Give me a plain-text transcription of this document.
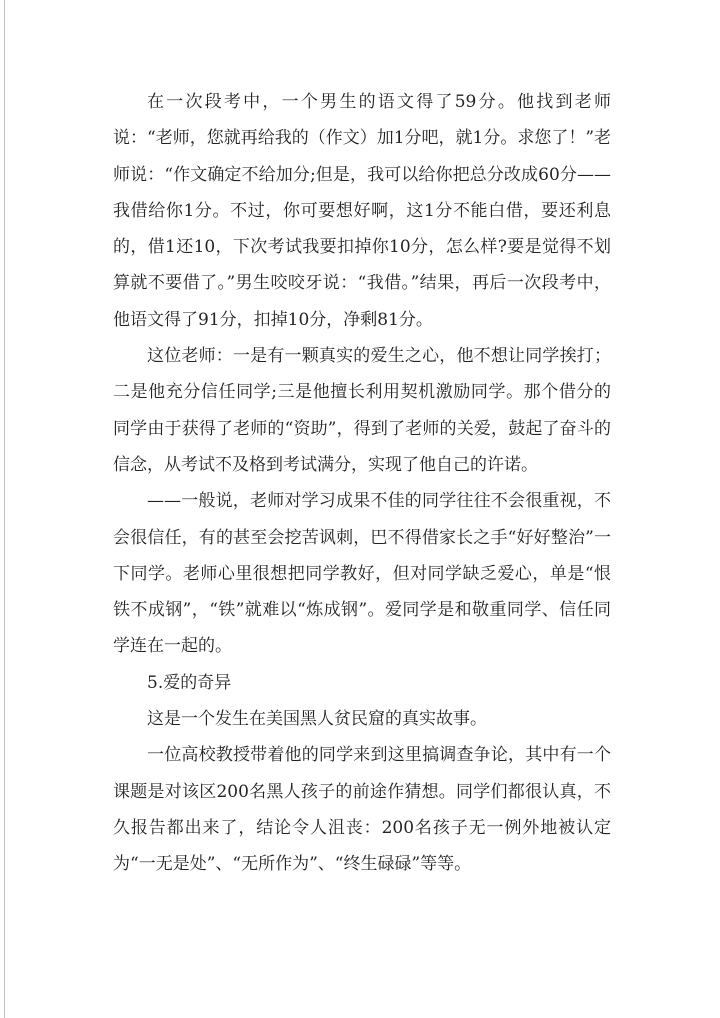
在一次段考中，一个男生的语文得了59分。他找到老师说：“老师，您就再给我的（作文）加1分吧，就1分。求您了！”老师说：“作文确定不给加分;但是，我可以给你把总分改成60分——我借给你1分。不过，你可要想好啊，这1分不能白借，要还利息的，借1还10，下次考试我要扣掉你10分，怎么样?要是觉得不划算就不要借了。”男生咬咬牙说：“我借。”结果，再后一次段考中，他语文得了91分，扣掉10分，净剩81分。

这位老师：一是有一颗真实的爱生之心，他不想让同学挨打；二是他充分信任同学;三是他擅长利用契机激励同学。那个借分的同学由于获得了老师的“资助”，得到了老师的关爱，鼓起了奋斗的信念，从考试不及格到考试满分，实现了他自己的许诺。

——一般说，老师对学习成果不佳的同学往往不会很重视，不会很信任，有的甚至会挖苦讽刺，巴不得借家长之手“好好整治”一下同学。老师心里很想把同学教好，但对同学缺乏爱心，单是“恨铁不成钢”，“铁”就难以“炼成钢”。爱同学是和敬重同学、信任同学连在一起的。

5.爱的奇异

这是一个发生在美国黑人贫民窟的真实故事。

一位高校教授带着他的同学来到这里搞调查争论，其中有一个课题是对该区200名黑人孩子的前途作猜想。同学们都很认真，不久报告都出来了，结论令人沮丧：200名孩子无一例外地被认定为“一无是处”、“无所作为”、“终生碌碌”等等。
